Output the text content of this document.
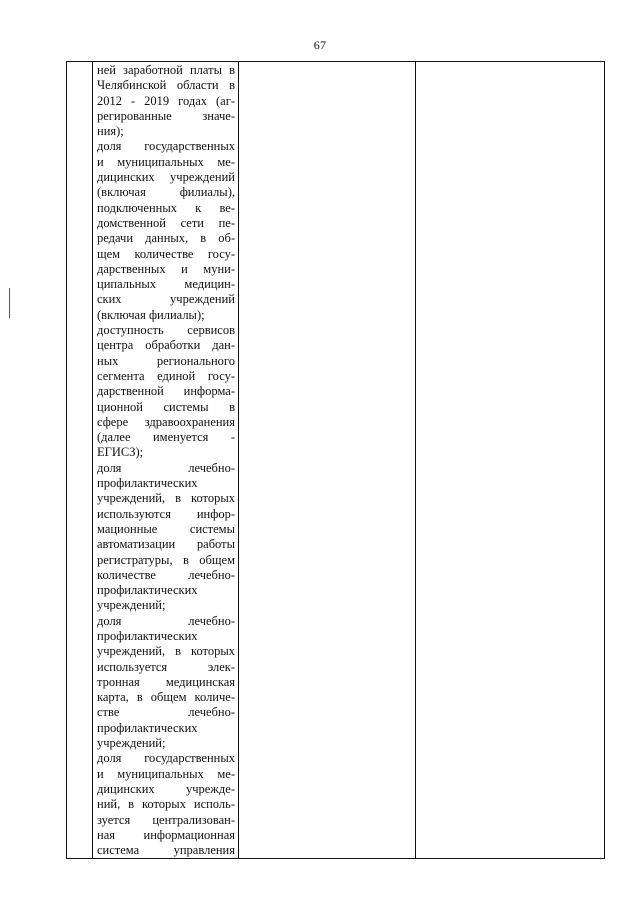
67

ней заработной платы в
Челябинской области в
2012 - 2019 годах (аг-
регированные значе-
ния);
доля государственных
и муниципальных ме-
дицинских учреждений
(включая филиалы),
подключенных к ве-
домственной сети пе-
редачи данных, в об-
щем количестве госу-
дарственных и муни-
ципальных медицин-
ских учреждений
(включая филиалы);
доступность сервисов
центра обработки дан-
ных регионального
сегмента единой госу-
дарственной информа-
ционной системы в
сфере здравоохранения
(далее именуется -
ЕГИСЗ);
доля лечебно-
профилактических
учреждений, в которых
используются инфор-
мационные системы
автоматизации работы
регистратуры, в общем
количестве лечебно-
профилактических
учреждений;
доля лечебно-
профилактических
учреждений, в которых
используется элек-
тронная медицинская
карта, в общем количе-
стве лечебно-
профилактических
учреждений;
доля государственных
и муниципальных ме-
дицинских учрежде-
ний, в которых исполь-
зуется централизован-
ная информационная
система управления
